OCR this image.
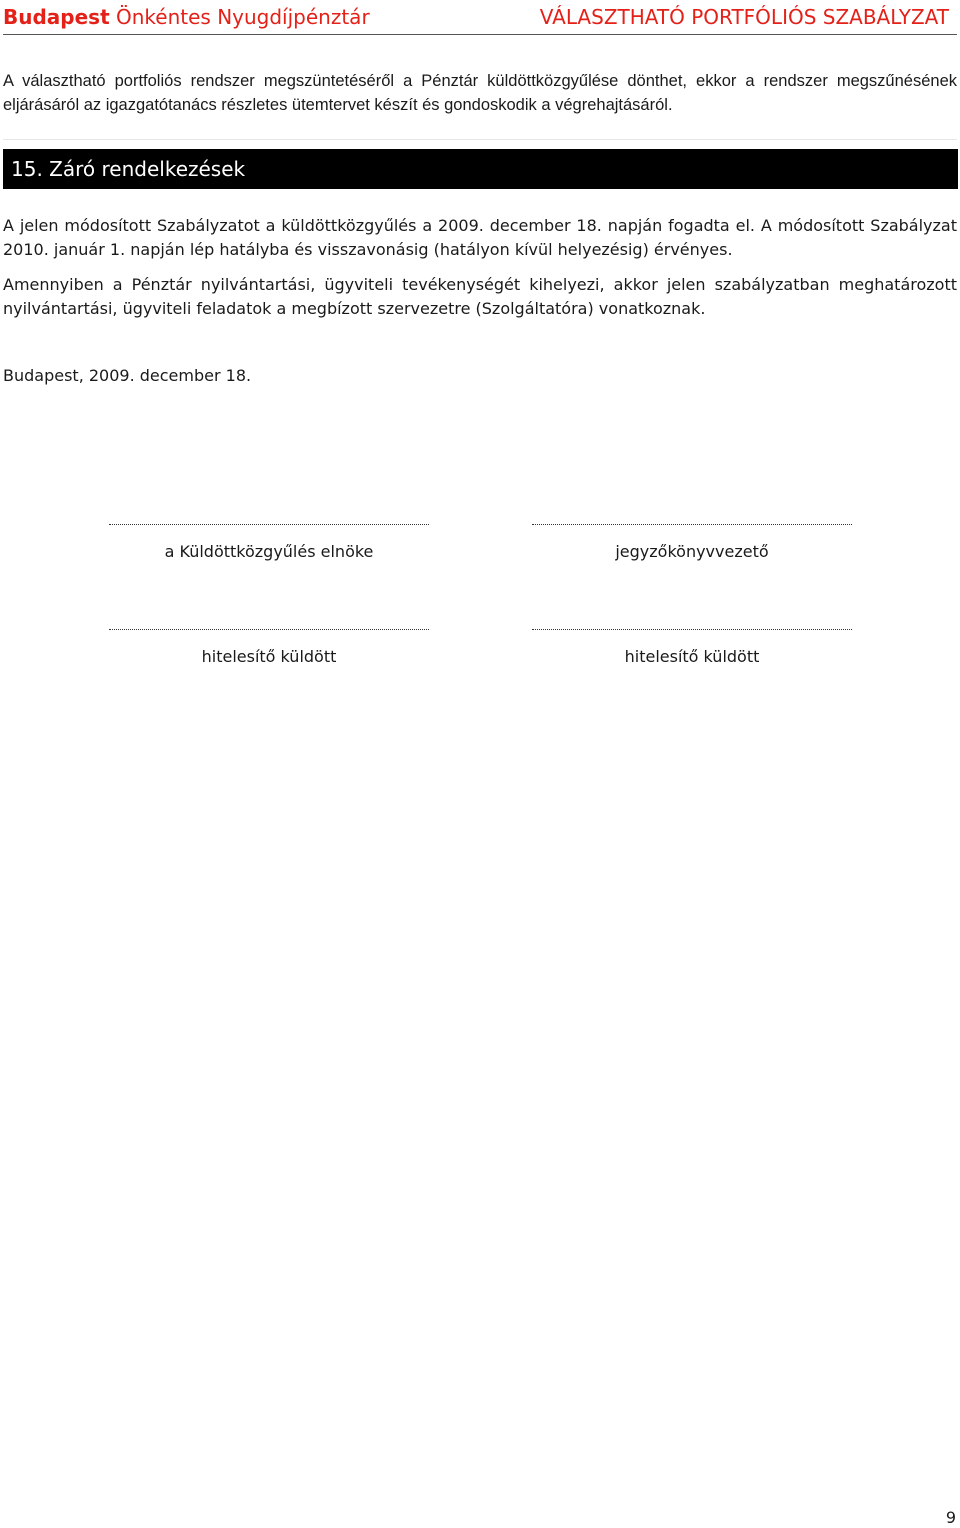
Budapest Önkéntes Nyugdíjpénztár	VÁLASZTHATÓ PORTFÓLIÓS SZABÁLYZAT

A választható portfoliós rendszer megszüntetéséről a Pénztár küldöttközgyűlése dönthet, ekkor a rendszer megszűnésének eljárásáról az igazgatótanács részletes ütemtervet készít és gondoskodik a végrehajtásáról.

15. Záró rendelkezések

A jelen módosított Szabályzatot a küldöttközgyűlés a 2009. december 18. napján fogadta el. A módosított Szabályzat 2010. január 1. napján lép hatályba és visszavonásig (hatályon kívül helyezésig) érvényes.

Amennyiben a Pénztár nyilvántartási, ügyviteli tevékenységét kihelyezi, akkor jelen szabályzatban meghatározott nyilvántartási, ügyviteli feladatok a megbízott szervezetre (Szolgáltatóra) vonatkoznak.

Budapest, 2009. december 18.
a Küldöttközgyűlés elnöke	jegyzőkönyvvezető
hitelesítő küldött	hitelesítő küldött
9
